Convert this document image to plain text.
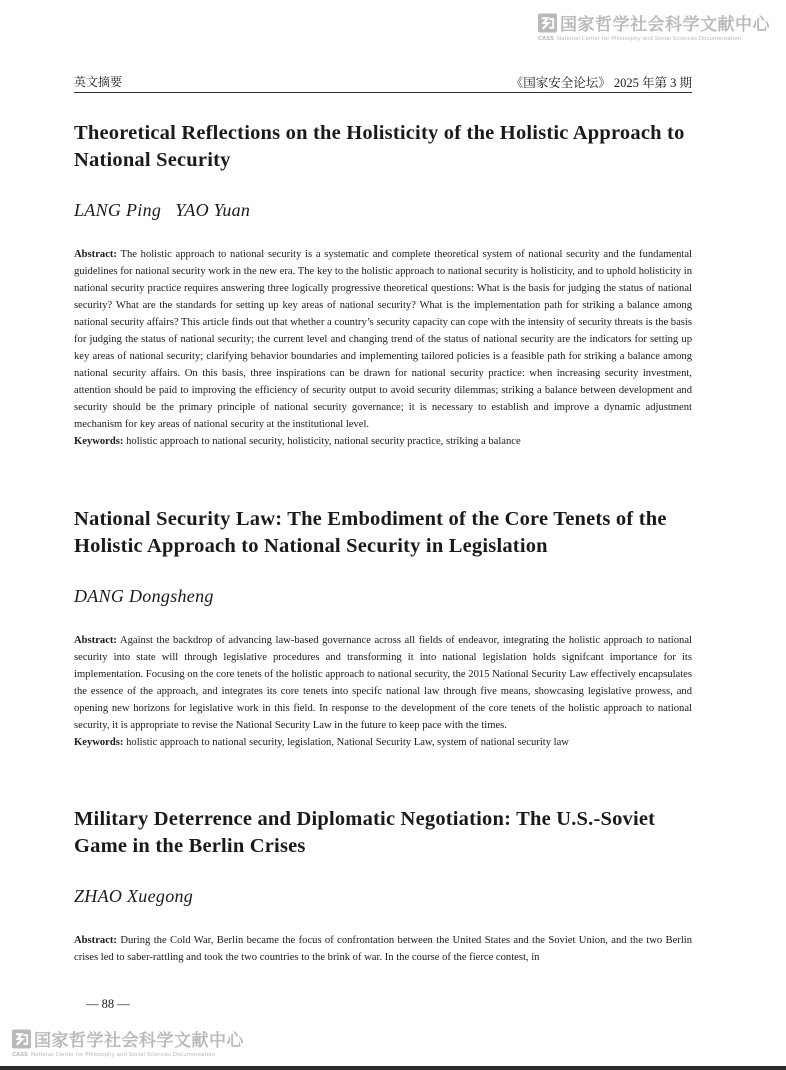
国家哲学社会科学文献中心
CASS National Center for Philosophy and Social Sciences Documentation
英文摘要	《国家安全论坛》 2025 年第 3 期
Theoretical Reflections on the Holisticity of the Holistic Approach to National Security
LANG Ping YAO Yuan
Abstract: The holistic approach to national security is a systematic and complete theoretical system of national security and the fundamental guidelines for national security work in the new era. The key to the holistic approach to national security is holisticity, and to uphold holisticity in national security practice requires answering three logically progressive theoretical questions: What is the basis for judging the status of national security? What are the standards for setting up key areas of national security? What is the implementation path for striking a balance among national security affairs? This article finds out that whether a country’s security capacity can cope with the intensity of security threats is the basis for judging the status of national security; the current level and changing trend of the status of national security are the indicators for setting up key areas of national security; clarifying behavior boundaries and implementing tailored policies is a feasible path for striking a balance among national security affairs. On this basis, three inspirations can be drawn for national security practice: when increasing security investment, attention should be paid to improving the efficiency of security output to avoid security dilemmas; striking a balance between development and security should be the primary principle of national security governance; it is necessary to establish and improve a dynamic adjustment mechanism for key areas of national security at the institutional level.
Keywords: holistic approach to national security, holisticity, national security practice, striking a balance
National Security Law: The Embodiment of the Core Tenets of the Holistic Approach to National Security in Legislation
DANG Dongsheng
Abstract: Against the backdrop of advancing law-based governance across all fields of endeavor, integrating the holistic approach to national security into state will through legislative procedures and transforming it into national legislation holds signifcant importance for its implementation. Focusing on the core tenets of the holistic approach to national security, the 2015 National Security Law effectively encapsulates the essence of the approach, and integrates its core tenets into specifc national law through five means, showcasing legislative prowess, and opening new horizons for legislative work in this field. In response to the development of the core tenets of the holistic approach to national security, it is appropriate to revise the National Security Law in the future to keep pace with the times.
Keywords: holistic approach to national security, legislation, National Security Law, system of national security law
Military Deterrence and Diplomatic Negotiation: The U.S.-Soviet Game in the Berlin Crises
ZHAO Xuegong
Abstract: During the Cold War, Berlin became the focus of confrontation between the United States and the Soviet Union, and the two Berlin crises led to saber-rattling and took the two countries to the brink of war. In the course of the fierce contest, in
— 88 —
国家哲学社会科学文献中心
CASS National Center for Philosophy and Social Sciences Documentation
